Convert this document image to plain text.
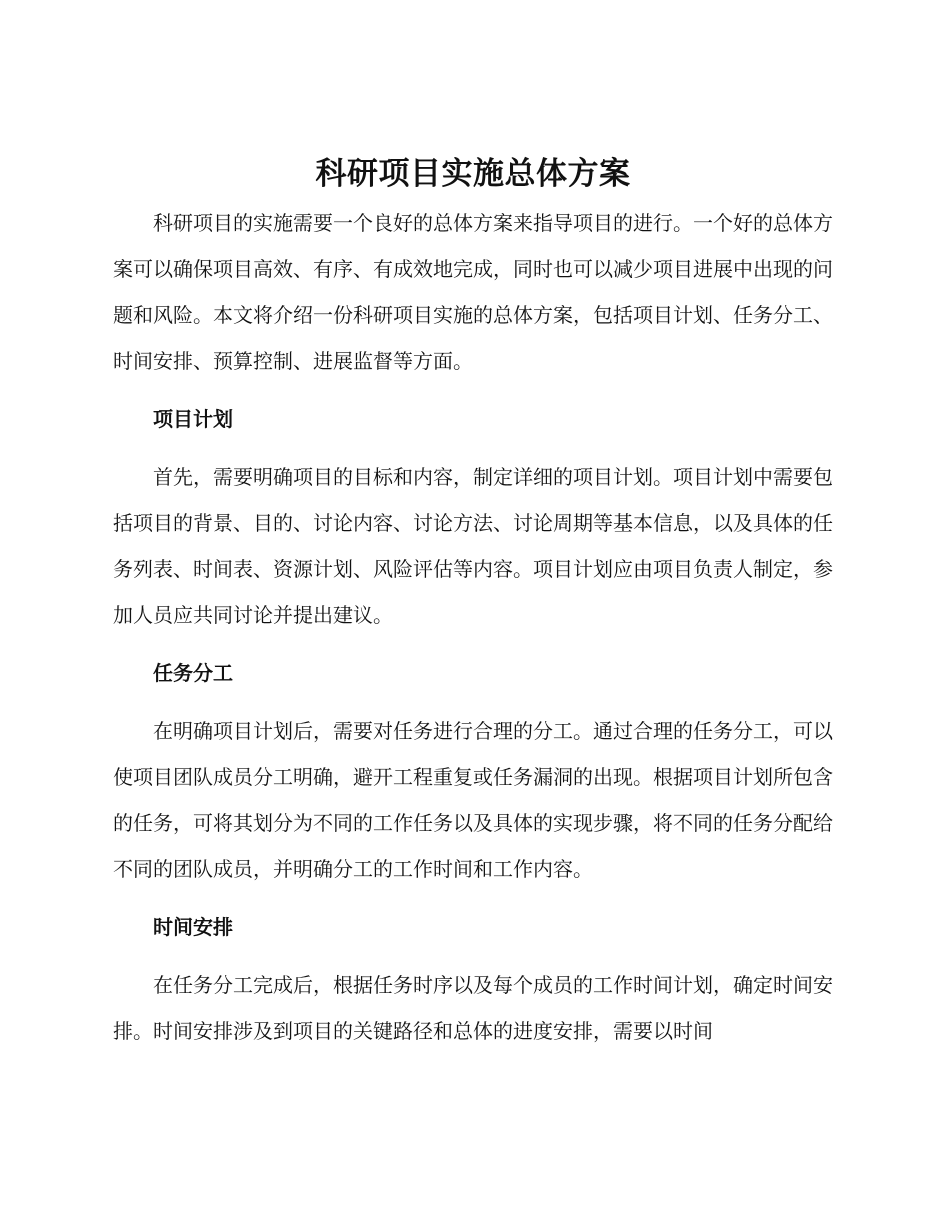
科研项目实施总体方案

科研项目的实施需要一个良好的总体方案来指导项目的进行。一个好的总体方案可以确保项目高效、有序、有成效地完成，同时也可以减少项目进展中出现的问题和风险。本文将介绍一份科研项目实施的总体方案，包括项目计划、任务分工、时间安排、预算控制、进展监督等方面。

项目计划

首先，需要明确项目的目标和内容，制定详细的项目计划。项目计划中需要包括项目的背景、目的、讨论内容、讨论方法、讨论周期等基本信息，以及具体的任务列表、时间表、资源计划、风险评估等内容。项目计划应由项目负责人制定，参加人员应共同讨论并提出建议。

任务分工

在明确项目计划后，需要对任务进行合理的分工。通过合理的任务分工，可以使项目团队成员分工明确，避开工程重复或任务漏洞的出现。根据项目计划所包含的任务，可将其划分为不同的工作任务以及具体的实现步骤，将不同的任务分配给不同的团队成员，并明确分工的工作时间和工作内容。

时间安排

在任务分工完成后，根据任务时序以及每个成员的工作时间计划，确定时间安排。时间安排涉及到项目的关键路径和总体的进度安排，需要以时间
